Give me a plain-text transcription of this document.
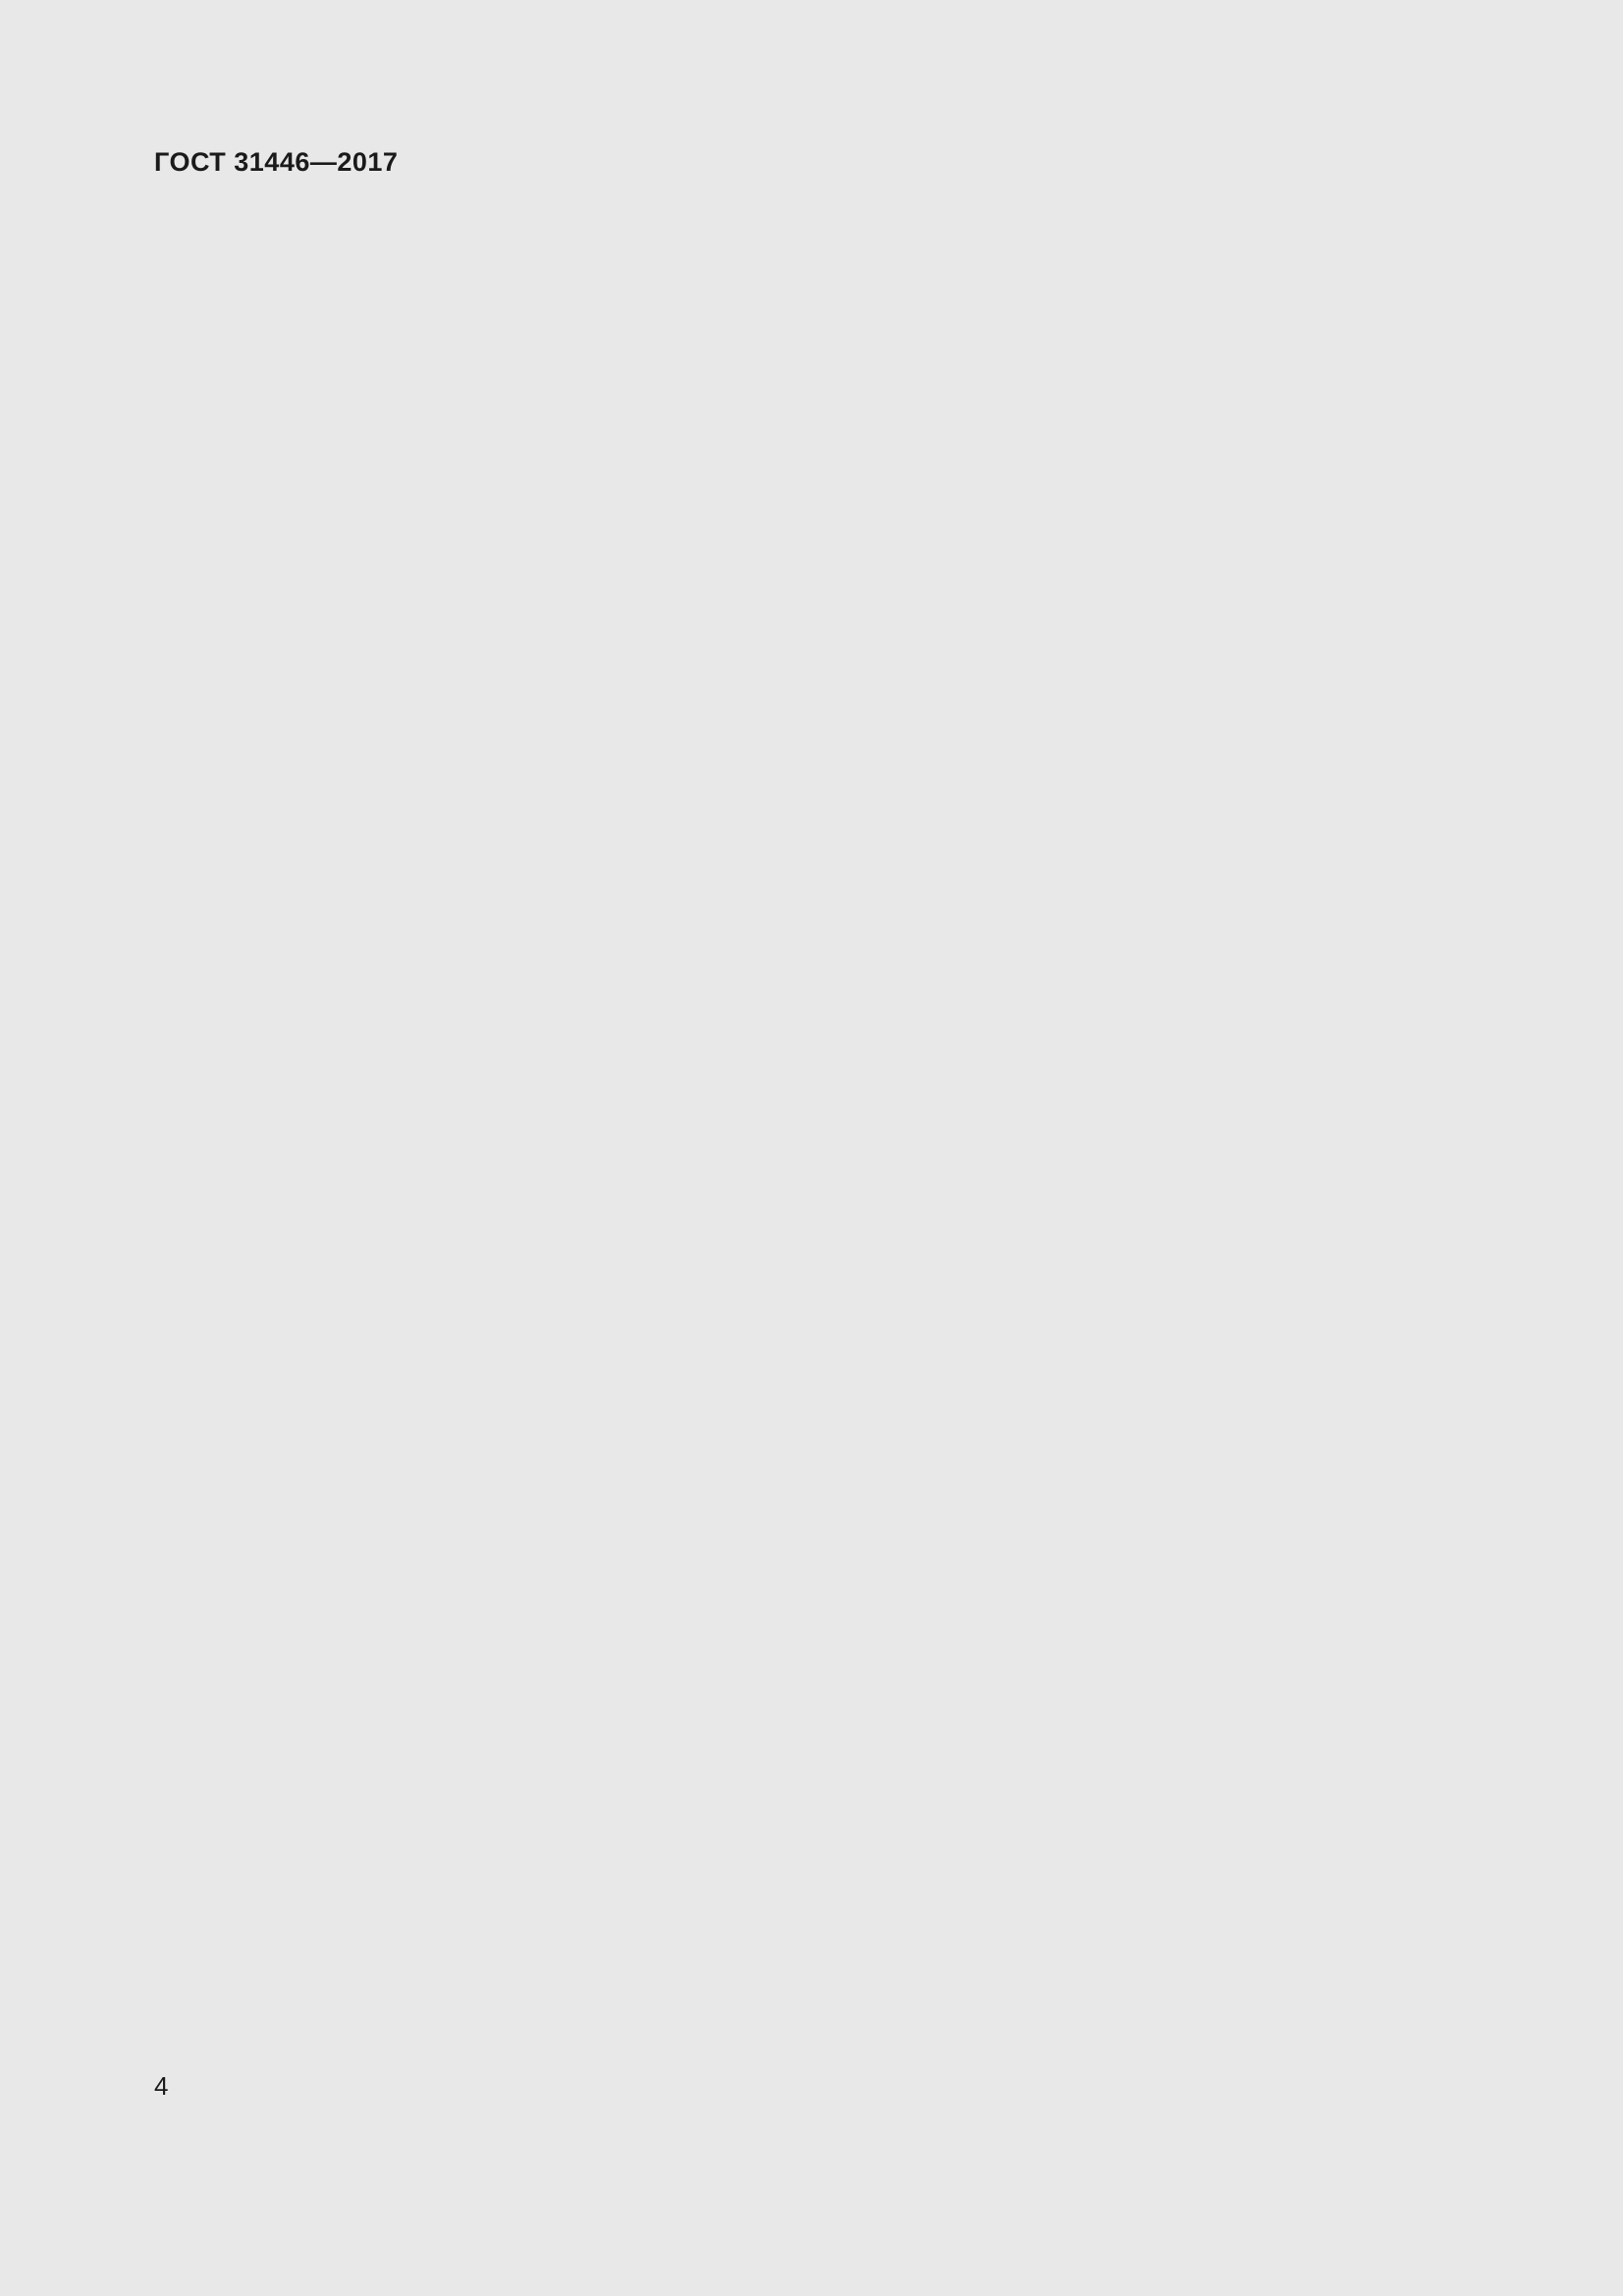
ГОСТ 31446—2017
4
